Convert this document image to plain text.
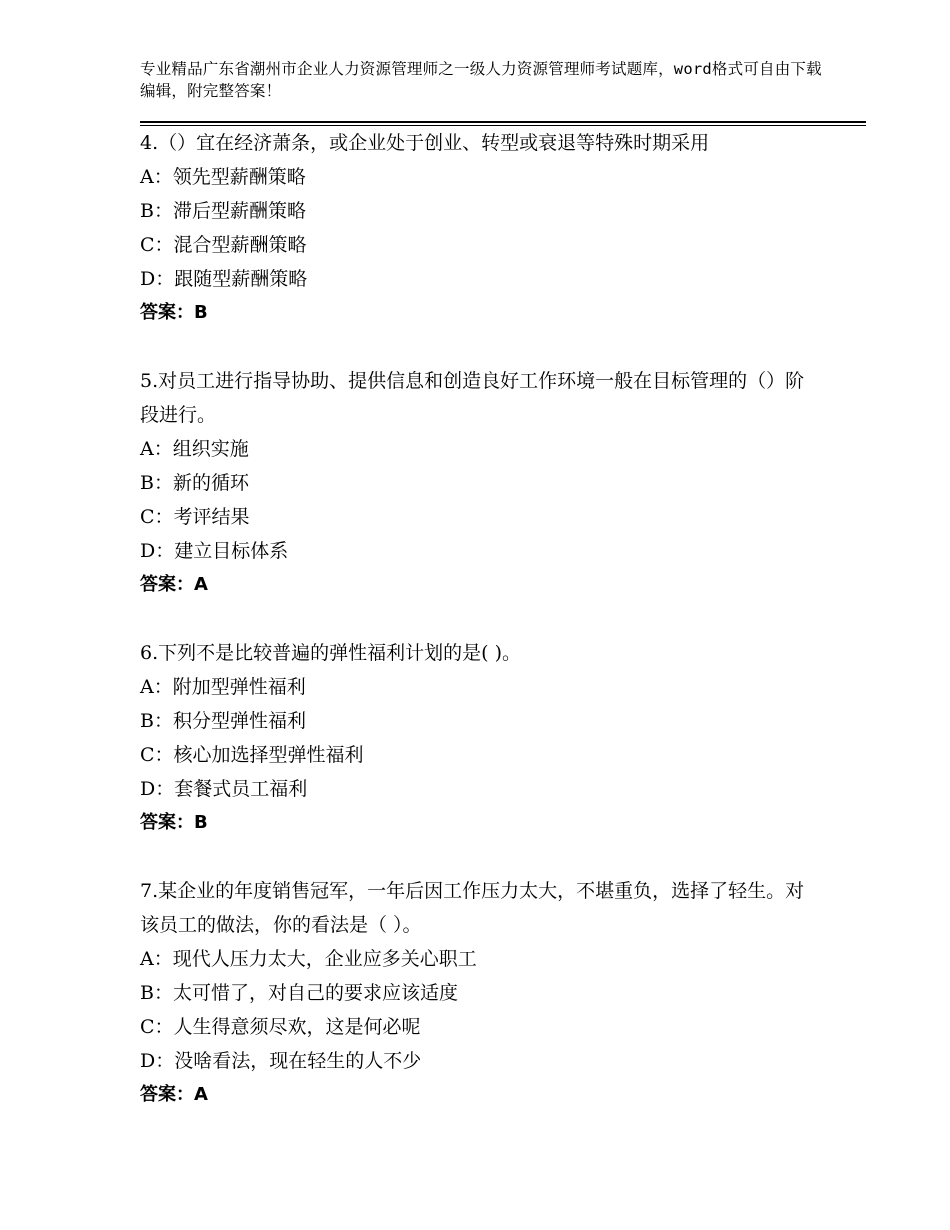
专业精品广东省潮州市企业人力资源管理师之一级人力资源管理师考试题库，word格式可自由下载编辑，附完整答案！
4.（）宜在经济萧条，或企业处于创业、转型或衰退等特殊时期采用
A：领先型薪酬策略
B：滞后型薪酬策略
C：混合型薪酬策略
D：跟随型薪酬策略
答案：B
5.对员工进行指导协助、提供信息和创造良好工作环境一般在目标管理的（）阶段进行。
A：组织实施
B：新的循环
C：考评结果
D：建立目标体系
答案：A
6.下列不是比较普遍的弹性福利计划的是( )。
A：附加型弹性福利
B：积分型弹性福利
C：核心加选择型弹性福利
D：套餐式员工福利
答案：B
7.某企业的年度销售冠军，一年后因工作压力太大，不堪重负，选择了轻生。对该员工的做法，你的看法是（ ）。
A：现代人压力太大，企业应多关心职工
B：太可惜了，对自己的要求应该适度
C：人生得意须尽欢，这是何必呢
D：没啥看法，现在轻生的人不少
答案：A
